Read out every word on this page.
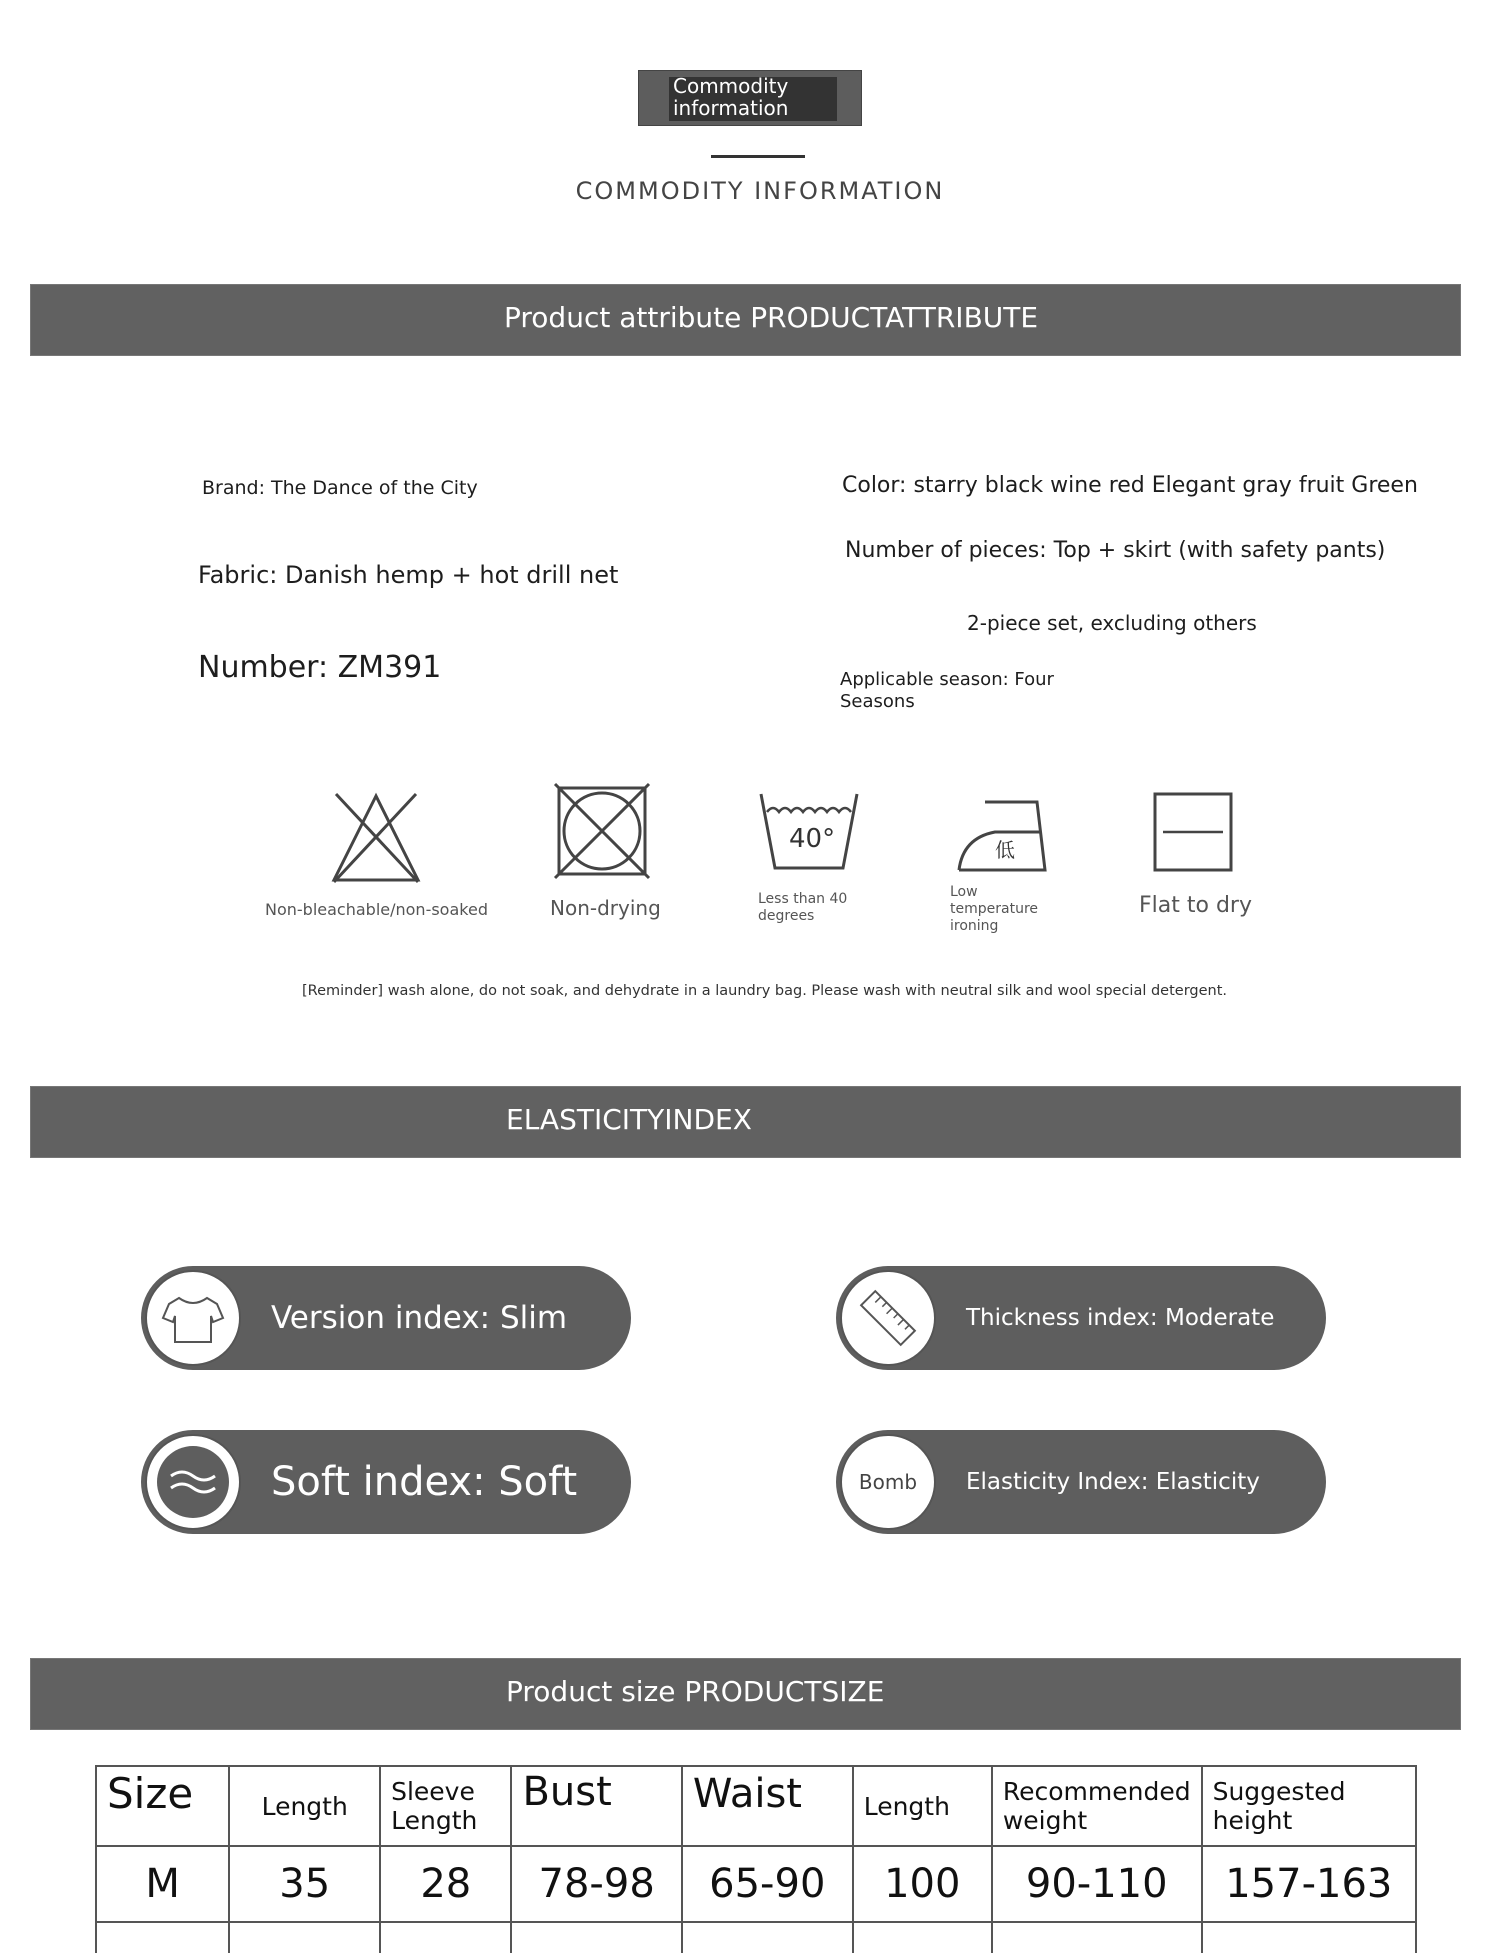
Commodity information
COMMODITY INFORMATION
Product attribute PRODUCTATTRIBUTE
Brand: The Dance of the City
Fabric: Danish hemp + hot drill net
Number: ZM391
Color: starry black wine red Elegant gray fruit Green
Number of pieces: Top + skirt (with safety pants)
2-piece set, excluding others
Applicable season: Four Seasons
40°	低
Non-bleachable/non-soaked	Non-drying	Less than 40 degrees
Low temperature ironing
Flat to dry
[Reminder] wash alone, do not soak, and dehydrate in a laundry bag. Please wash with neutral silk and wool special detergent.
ELASTICITYINDEX
Version index: Slim	Thickness index: Moderate
Soft index: Soft	Bomb	Elasticity Index: Elasticity
Product size PRODUCTSIZE
Size	Length	Sleeve Length	Bust	Waist	Length	Recommended weight	Suggested height
M	35	28	78-98	65-90	100	90-110	157-163
